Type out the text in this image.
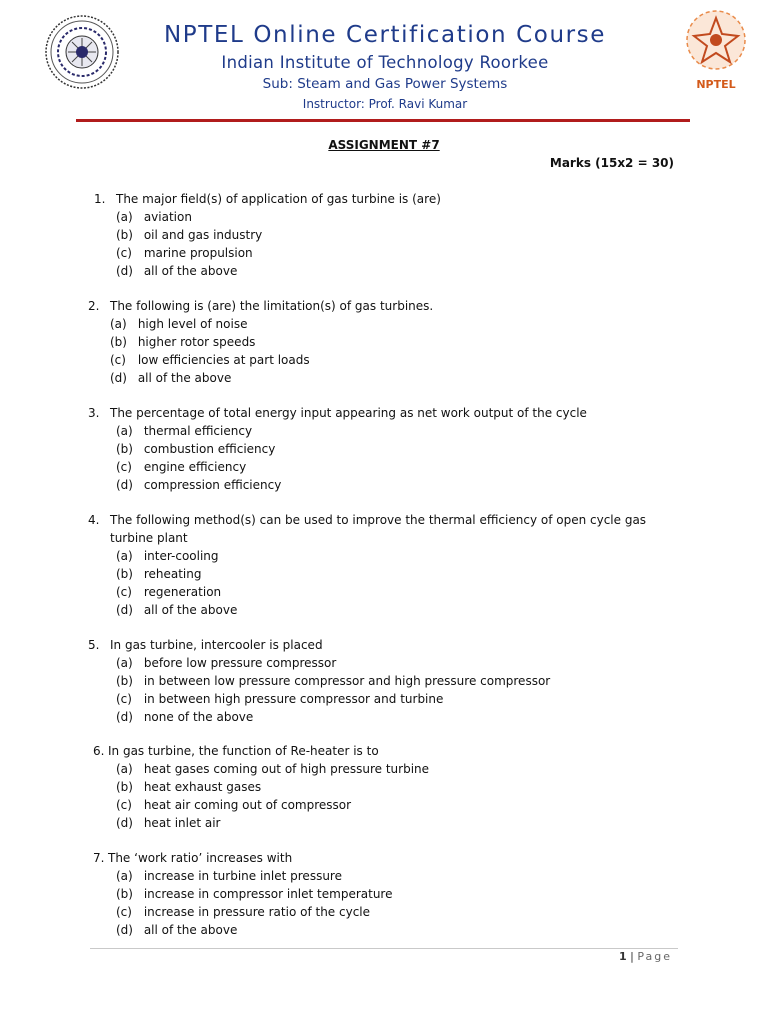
NPTEL
NPTEL Online Certification Course
Indian Institute of Technology Roorkee
Sub: Steam and Gas Power Systems
Instructor: Prof. Ravi Kumar
ASSIGNMENT #7
Marks (15x2 = 30)
1. The major field(s) of application of gas turbine is (are)
(a) aviation
(b) oil and gas industry
(c) marine propulsion
(d) all of the above
2. The following is (are) the limitation(s) of gas turbines.
(a) high level of noise
(b) higher rotor speeds
(c) low efficiencies at part loads
(d) all of the above
3. The percentage of total energy input appearing as net work output of the cycle
(a) thermal efficiency
(b) combustion efficiency
(c) engine efficiency
(d) compression efficiency
4. The following method(s) can be used to improve the thermal efficiency of open cycle gas
turbine plant
(a) inter-cooling
(b) reheating
(c) regeneration
(d) all of the above
5. In gas turbine, intercooler is placed
(a) before low pressure compressor
(b) in between low pressure compressor and high pressure compressor
(c) in between high pressure compressor and turbine
(d) none of the above
6. In gas turbine, the function of Re-heater is to
(a) heat gases coming out of high pressure turbine
(b) heat exhaust gases
(c) heat air coming out of compressor
(d) heat inlet air
7. The ‘work ratio’ increases with
(a) increase in turbine inlet pressure
(b) increase in compressor inlet temperature
(c) increase in pressure ratio of the cycle
(d) all of the above
1 | Page
